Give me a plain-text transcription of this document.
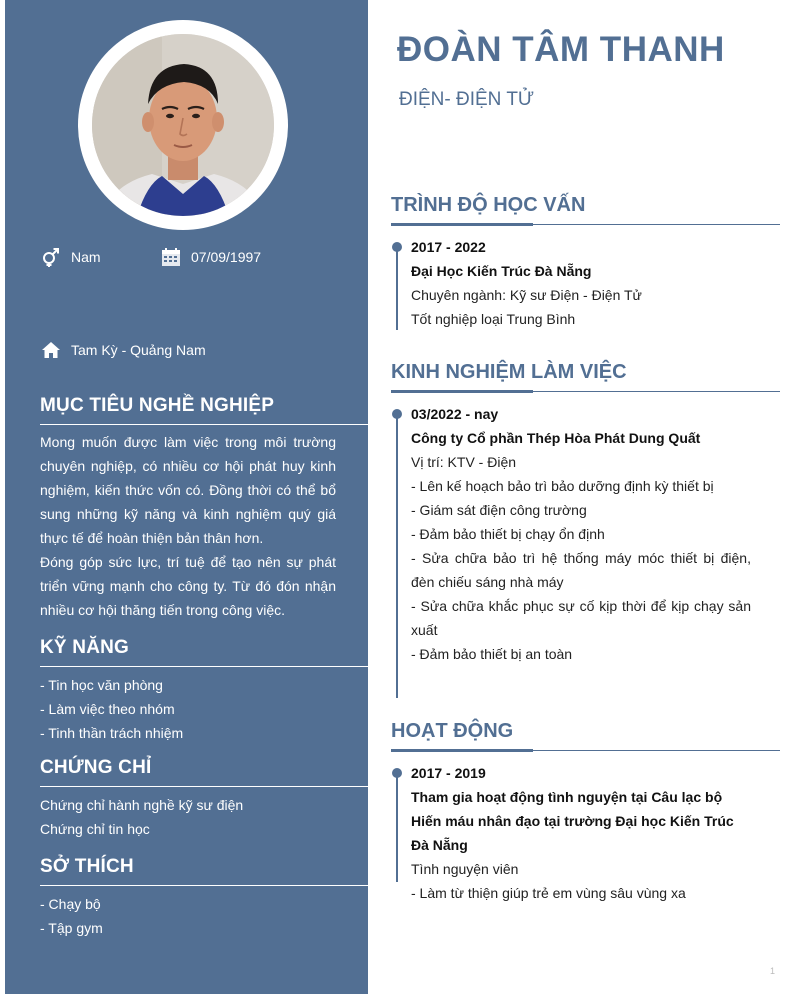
Nam	07/09/1997
Tam Kỳ - Quảng Nam
MỤC TIÊU NGHỀ NGHIỆP
Mong muốn được làm việc trong môi trường chuyên nghiệp, có nhiều cơ hội phát huy kinh nghiệm, kiến thức vốn có. Đồng thời có thể bổ sung những kỹ năng và kinh nghiệm quý giá thực tế để hoàn thiện bản thân hơn.
Đóng góp sức lực, trí tuệ để tạo nên sự phát triển vững mạnh cho công ty. Từ đó đón nhận nhiều cơ hội thăng tiến trong công việc.
KỸ NĂNG
- Tin học văn phòng
- Làm việc theo nhóm
- Tinh thần trách nhiệm
CHỨNG CHỈ
Chứng chỉ hành nghề kỹ sư điện
Chứng chỉ tin học
SỞ THÍCH
- Chạy bộ
- Tập gym
ĐOÀN TÂM THANH
ĐIỆN- ĐIỆN TỬ
TRÌNH ĐỘ HỌC VẤN
2017 - 2022
Đại Học Kiến Trúc Đà Nẵng
Chuyên ngành: Kỹ sư Điện - Điện Tử
Tốt nghiệp loại Trung Bình
KINH NGHIỆM LÀM VIỆC
03/2022 - nay
Công ty Cổ phần Thép Hòa Phát Dung Quất
Vị trí: KTV - Điện
- Lên kế hoạch bảo trì bảo dưỡng định kỳ thiết bị
- Giám sát điện công trường
- Đảm bảo thiết bị chạy ổn định
- Sửa chữa bảo trì hệ thống máy móc thiết bị điện, đèn chiếu sáng nhà máy
- Sửa chữa khắc phục sự cố kịp thời để kịp chạy sản xuất
- Đảm bảo thiết bị an toàn
HOẠT ĐỘNG
2017 - 2019
Tham gia hoạt động tình nguyện tại Câu lạc bộ Hiến máu nhân đạo tại trường Đại học Kiến Trúc Đà Nẵng
Tình nguyện viên
- Làm từ thiện giúp trẻ em vùng sâu vùng xa
1
